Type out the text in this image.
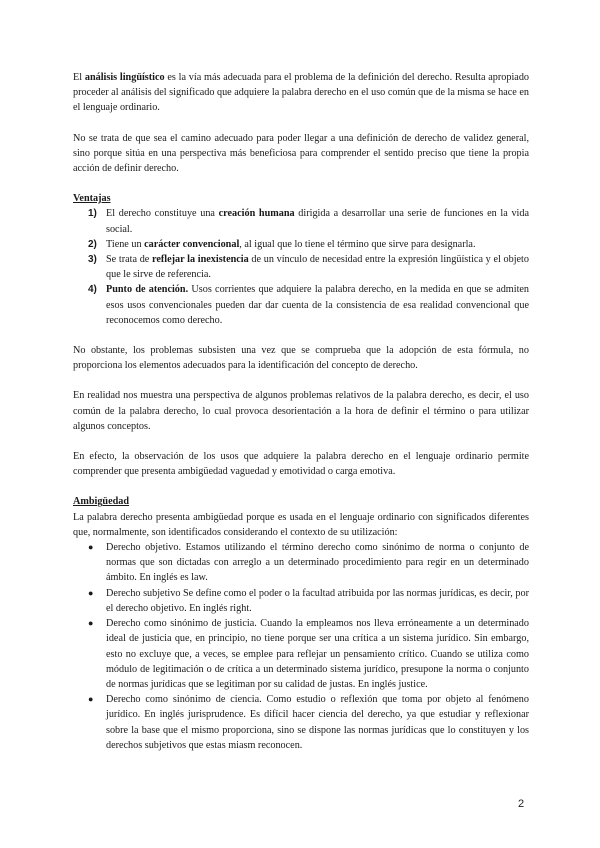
El análisis lingüístico es la vía más adecuada para el problema de la definición del derecho. Resulta apropiado proceder al análisis del significado que adquiere la palabra derecho en el uso común que de la misma se hace en el lenguaje ordinario.

No se trata de que sea el camino adecuado para poder llegar a una definición de derecho de validez general, sino porque sitúa en una perspectiva más beneficiosa para comprender el sentido preciso que tiene la propia acción de definir derecho.

Ventajas

1) El derecho constituye una creación humana dirigida a desarrollar una serie de funciones en la vida social.
2) Tiene un carácter convencional, al igual que lo tiene el término que sirve para designarla.
3) Se trata de reflejar la inexistencia de un vínculo de necesidad entre la expresión lingüística y el objeto que le sirve de referencia.
4) Punto de atención. Usos corrientes que adquiere la palabra derecho, en la medida en que se admiten esos usos convencionales pueden dar dar cuenta de la consistencia de esa realidad convencional que reconocemos como derecho.

No obstante, los problemas subsisten una vez que se comprueba que la adopción de esta fórmula, no proporciona los elementos adecuados para la identificación del concepto de derecho.

En realidad nos muestra una perspectiva de algunos problemas relativos de la palabra derecho, es decir, el uso común de la palabra derecho, lo cual provoca desorientación a la hora de definir el término o para utilizar algunos conceptos.

En efecto, la observación de los usos que adquiere la palabra derecho en el lenguaje ordinario permite comprender que presenta ambigüedad vaguedad y emotividad o carga emotiva.

Ambigüedad

La palabra derecho presenta ambigüedad porque es usada en el lenguaje ordinario con significados diferentes que, normalmente, son identificados considerando el contexto de su utilización:

● Derecho objetivo. Estamos utilizando el término derecho como sinónimo de norma o conjunto de normas que son dictadas con arreglo a un determinado procedimiento para regir en un determinado ámbito. En inglés es law.
● Derecho subjetivo Se define como el poder o la facultad atribuida por las normas jurídicas, es decir, por el derecho objetivo. En inglés right.
● Derecho como sinónimo de justicia. Cuando la empleamos nos lleva erróneamente a un determinado ideal de justicia que, en principio, no tiene porque ser una crítica a un sistema jurídico. Sin embargo, esto no excluye que, a veces, se emplee para reflejar un pensamiento crítico. Cuando se utiliza como módulo de legitimación o de crítica a un determinado sistema jurídico, presupone la norma o conjunto de normas jurídicas que se legitiman por su calidad de justas. En inglés justice.
● Derecho como sinónimo de ciencia. Como estudio o reflexión que toma por objeto al fenómeno jurídico. En inglés jurisprudence. Es difícil hacer ciencia del derecho, ya que estudiar y reflexionar sobre la base que el mismo proporciona, sino se dispone las normas jurídicas que lo constituyen y los derechos subjetivos que estas miasm reconocen.
2
